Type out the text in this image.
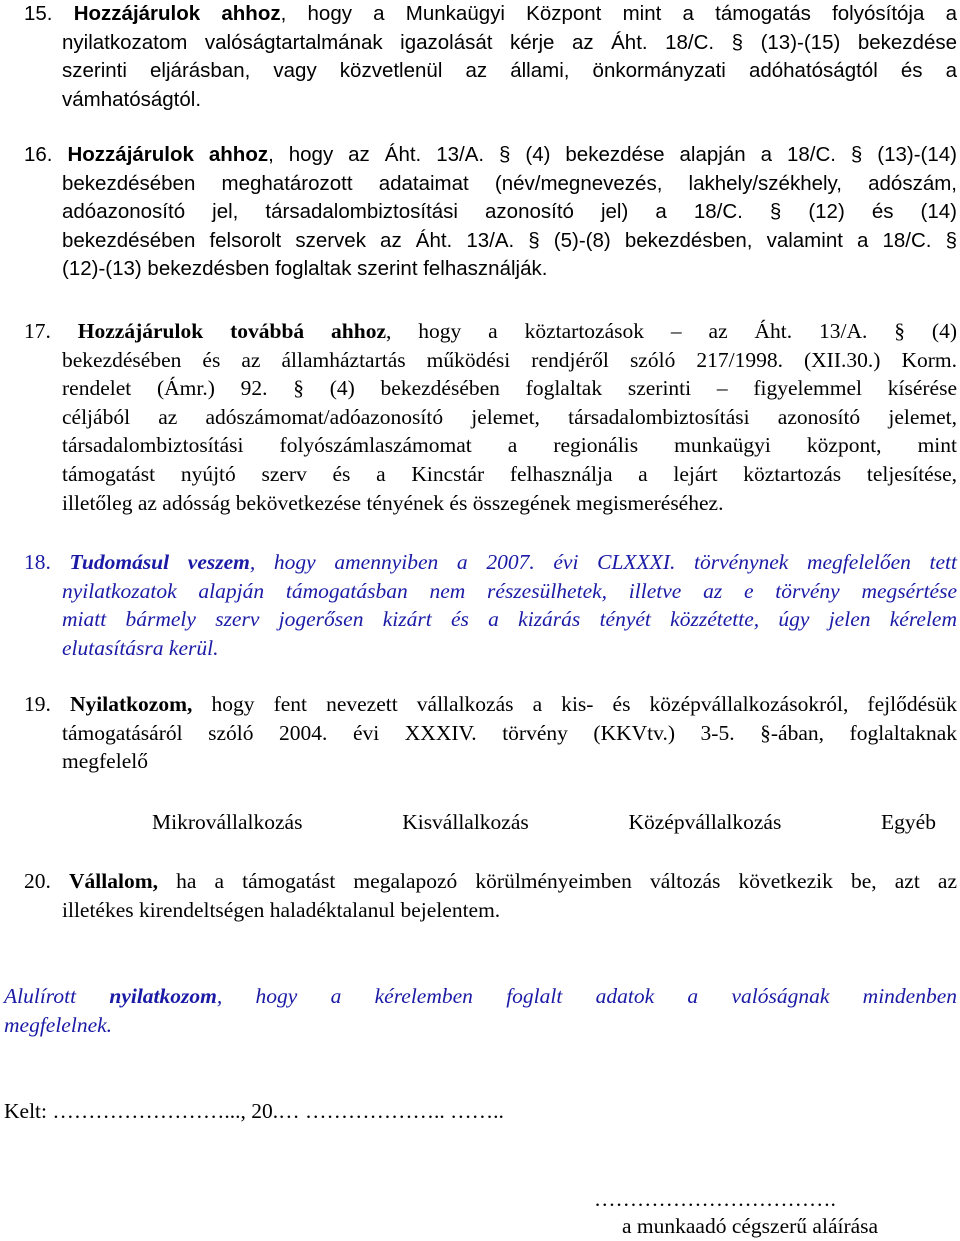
15. Hozzájárulok ahhoz, hogy a Munkaügyi Központ mint a támogatás folyósítója a
nyilatkozatom valóságtartalmának igazolását kérje az Áht. 18/C. § (13)-(15) bekezdése
szerinti eljárásban, vagy közvetlenül az állami, önkormányzati adóhatóságtól és a
vámhatóságtól.
16. Hozzájárulok ahhoz, hogy az Áht. 13/A. § (4) bekezdése alapján a 18/C. § (13)-(14)
bekezdésében meghatározott adataimat (név/megnevezés, lakhely/székhely, adószám,
adóazonosító jel, társadalombiztosítási azonosító jel) a 18/C. § (12) és (14)
bekezdésében felsorolt szervek az Áht. 13/A. § (5)-(8) bekezdésben, valamint a 18/C. §
(12)-(13) bekezdésben foglaltak szerint felhasználják.
17. Hozzájárulok továbbá ahhoz, hogy a köztartozások – az Áht. 13/A. § (4)
bekezdésében és az államháztartás működési rendjéről szóló 217/1998. (XII.30.) Korm.
rendelet (Ámr.) 92. § (4) bekezdésében foglaltak szerinti – figyelemmel kísérése
céljából az adószámomat/adóazonosító jelemet, társadalombiztosítási azonosító jelemet,
társadalombiztosítási folyószámlaszámomat a regionális munkaügyi központ, mint
támogatást nyújtó szerv és a Kincstár felhasználja a lejárt köztartozás teljesítése,
illetőleg az adósság bekövetkezése tényének és összegének megismeréséhez.
18. Tudomásul veszem, hogy amennyiben a 2007. évi CLXXXI. törvénynek megfelelően tett
nyilatkozatok alapján támogatásban nem részesülhetek, illetve az e törvény megsértése
miatt bármely szerv jogerősen kizárt és a kizárás tényét közzétette, úgy jelen kérelem
elutasításra kerül.
19. Nyilatkozom, hogy fent nevezett vállalkozás a kis- és középvállalkozásokról, fejlődésük
támogatásáról szóló 2004. évi XXXIV. törvény (KKVtv.) 3-5. §-ában, foglaltaknak
megfelelő
Mikrovállalkozás	Kisvállalkozás	Középvállalkozás	Egyéb
20. Vállalom, ha a támogatást megalapozó körülményeimben változás következik be, azt az
illetékes kirendeltségen haladéktalanul bejelentem.
Alulírott nyilatkozom, hogy a kérelemben foglalt adatok a valóságnak mindenben
megfelelnek.
Kelt: ……………………..., 20.… ……………….. ……..
…………………………….
a munkaadó cégszerű aláírása
